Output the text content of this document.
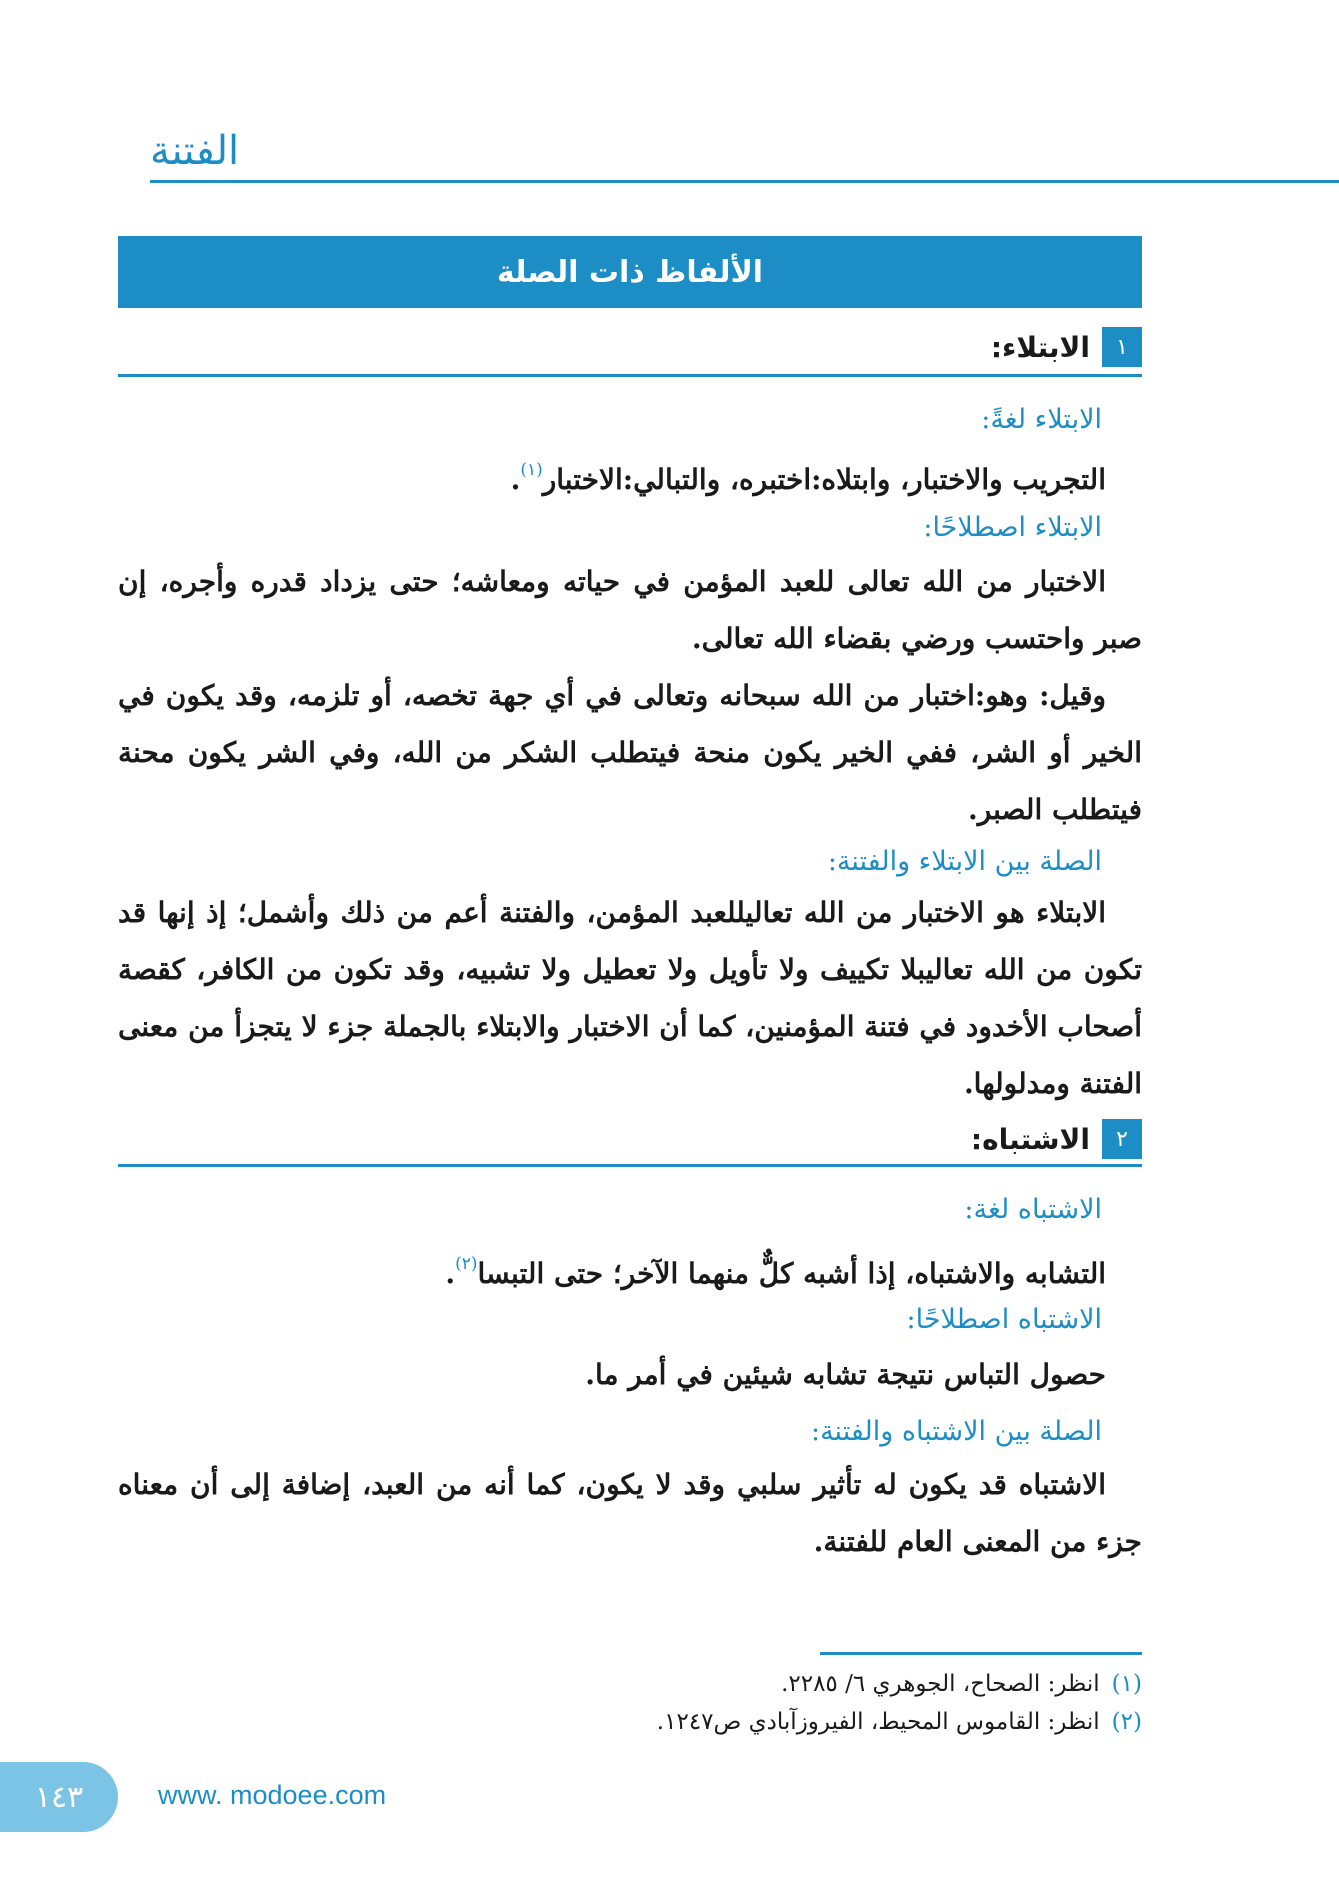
الفتنة
الألفاظ ذات الصلة
١
الابتلاء:
الابتلاء لغةً:
التجريب والاختبار، وابتلاه:اختبره، والتبالي:الاختبار$^{(١)}$.
الابتلاء اصطلاحًا:
الاختبار من الله تعالى للعبد المؤمن في حياته ومعاشه؛ حتى يزداد قدره وأجره، إن صبر واحتسب ورضي بقضاء الله تعالى.
وقيل: وهو:اختبار من الله سبحانه وتعالى في أي جهة تخصه، أو تلزمه، وقد يكون في الخير أو الشر، ففي الخير يكون منحة فيتطلب الشكر من الله، وفي الشر يكون محنة فيتطلب الصبر.
الصلة بين الابتلاء والفتنة:
الابتلاء هو الاختبار من الله تعاليللعبد المؤمن، والفتنة أعم من ذلك وأشمل؛ إذ إنها قد تكون من الله تعاليبلا تكييف ولا تأويل ولا تعطيل ولا تشبيه، وقد تكون من الكافر، كقصة أصحاب الأخدود في فتنة المؤمنين، كما أن الاختبار والابتلاء بالجملة جزء لا يتجزأ من معنى الفتنة ومدلولها.
٢
الاشتباه:
الاشتباه لغة:
التشابه والاشتباه، إذا أشبه كلٌّ منهما الآخر؛ حتى التبسا$^{(٢)}$.
الاشتباه اصطلاحًا:
حصول التباس نتيجة تشابه شيئين في أمر ما.
الصلة بين الاشتباه والفتنة:
الاشتباه قد يكون له تأثير سلبي وقد لا يكون، كما أنه من العبد، إضافة إلى أن معناه جزء من المعنى العام للفتنة.
(١)انظر: الصحاح، الجوهري ٦/ ٢٢٨٥.
(٢)انظر: القاموس المحيط، الفيروزآبادي ص١٢٤٧.
١٤٣	www. modoee.com
